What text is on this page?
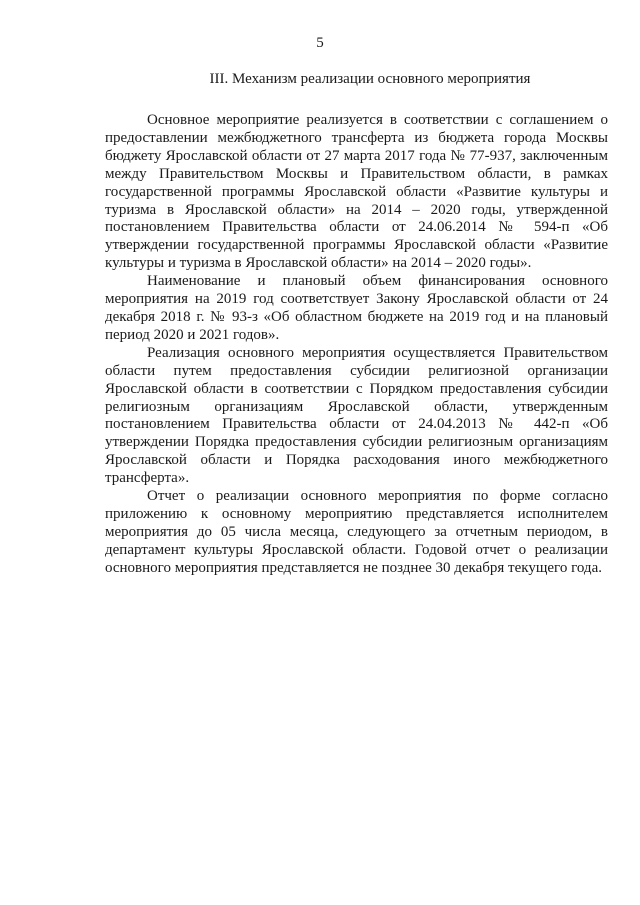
5
III. Механизм реализации основного мероприятия

Основное мероприятие реализуется в соответствии с соглашением о предоставлении межбюджетного трансферта из бюджета города Москвы бюджету Ярославской области от 27 марта 2017 года № 77-937, заключенным между Правительством Москвы и Правительством области, в рамках государственной программы Ярославской области «Развитие культуры и туризма в Ярославской области» на 2014 – 2020 годы, утвержденной постановлением Правительства области от 24.06.2014 № 594-п «Об утверждении государственной программы Ярославской области «Развитие культуры и туризма в Ярославской области» на 2014 – 2020 годы».

Наименование и плановый объем финансирования основного мероприятия на 2019 год соответствует Закону Ярославской области от 24 декабря 2018 г. № 93-з «Об областном бюджете на 2019 год и на плановый период 2020 и 2021 годов».

Реализация основного мероприятия осуществляется Правительством области путем предоставления субсидии религиозной организации Ярославской области в соответствии с Порядком предоставления субсидии религиозным организациям Ярославской области, утвержденным постановлением Правительства области от 24.04.2013 № 442-п «Об утверждении Порядка предоставления субсидии религиозным организациям Ярославской области и Порядка расходования иного межбюджетного трансферта».

Отчет о реализации основного мероприятия по форме согласно приложению к основному мероприятию представляется исполнителем мероприятия до 05 числа месяца, следующего за отчетным периодом, в департамент культуры Ярославской области. Годовой отчет о реализации основного мероприятия представляется не позднее 30 декабря текущего года.
